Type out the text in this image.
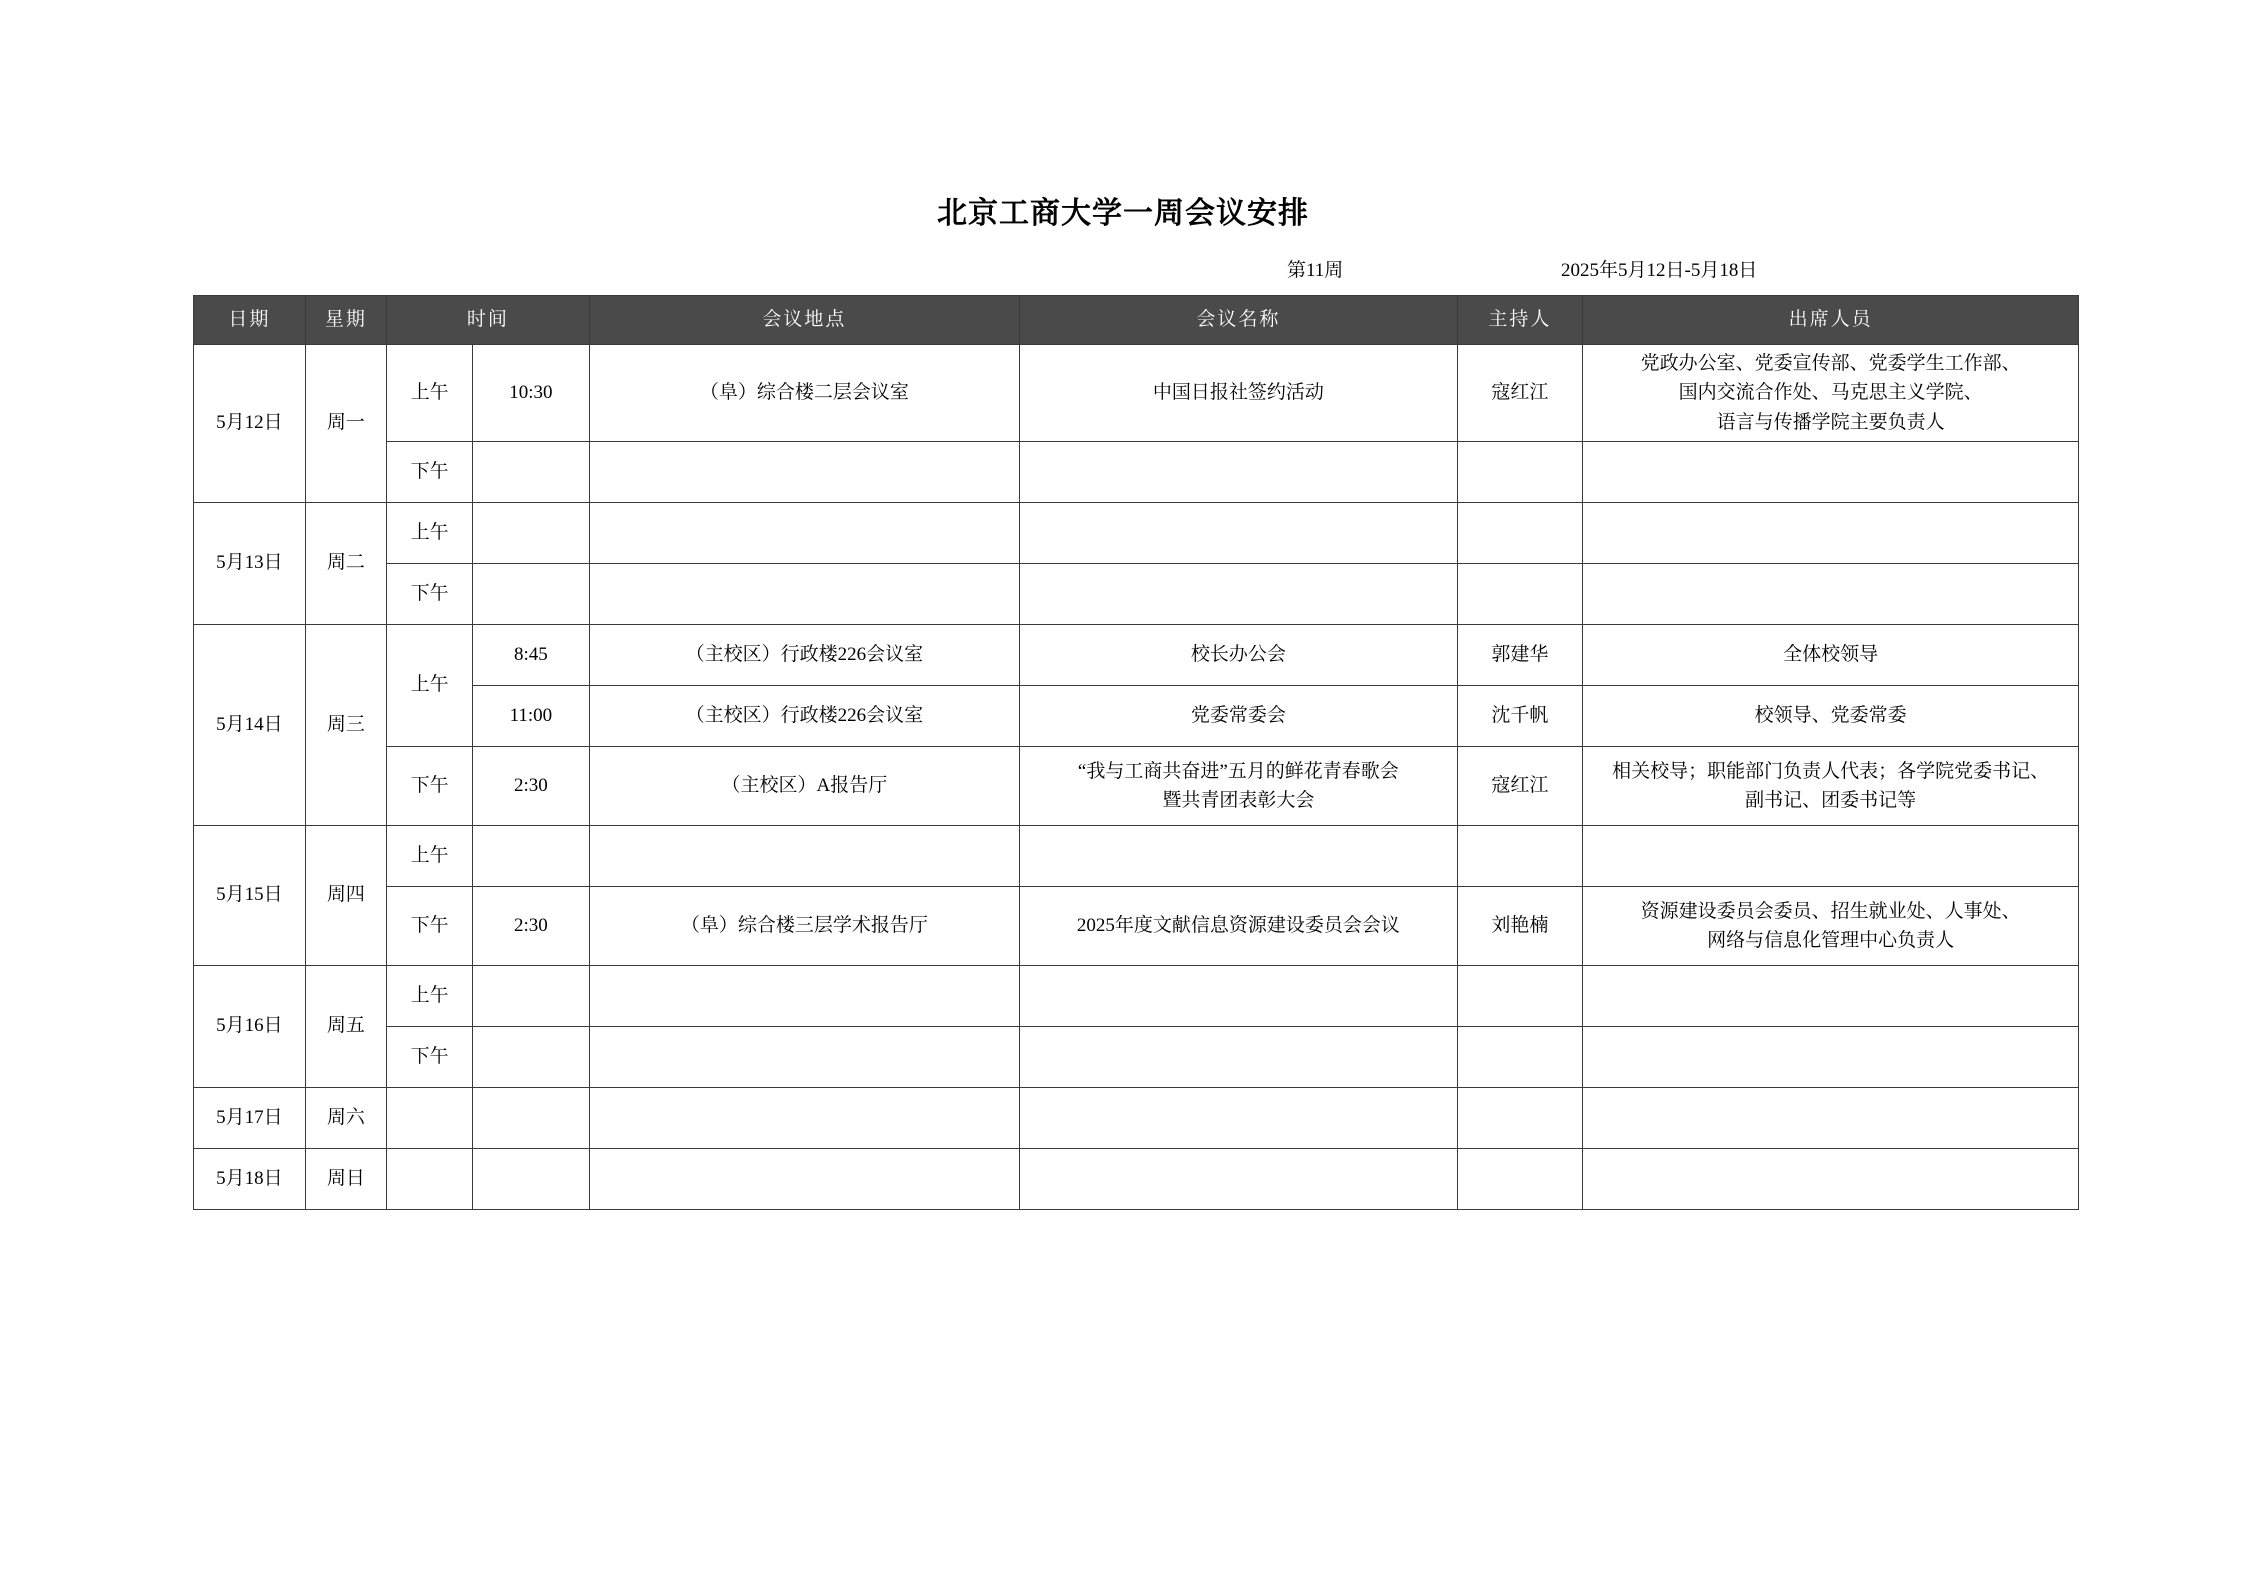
北京工商大学一周会议安排
第11周	2025年5月12日-5月18日
日期	星期	时间		会议地点	会议名称	主持人	出席人员
5月12日	周一	上午	10:30	（阜）综合楼二层会议室	中国日报社签约活动	寇红江	党政办公室、党委宣传部、党委学生工作部、
国内交流合作处、马克思主义学院、
语言与传播学院主要负责人

		下午					
5月13日	周二	上午					
		下午					
5月14日	周三	上午	8:45	（主校区）行政楼226会议室	校长办公会	郭建华	全体校领导

			11:00	（主校区）行政楼226会议室	党委常委会	沈千帆	校领导、党委常委

		下午	2:30	（主校区）A报告厅	“我与工商共奋进”五月的鲜花青春歌会
暨共青团表彰大会	寇红江	相关校导；职能部门负责人代表；各学院党委书记、
副书记、团委书记等

5月15日	周四	上午					
		下午	2:30	（阜）综合楼三层学术报告厅	2025年度文献信息资源建设委员会会议	刘艳楠	资源建设委员会委员、招生就业处、人事处、
网络与信息化管理中心负责人

5月16日	周五	上午					
		下午					
5月17日	周六						
5月18日	周日						
